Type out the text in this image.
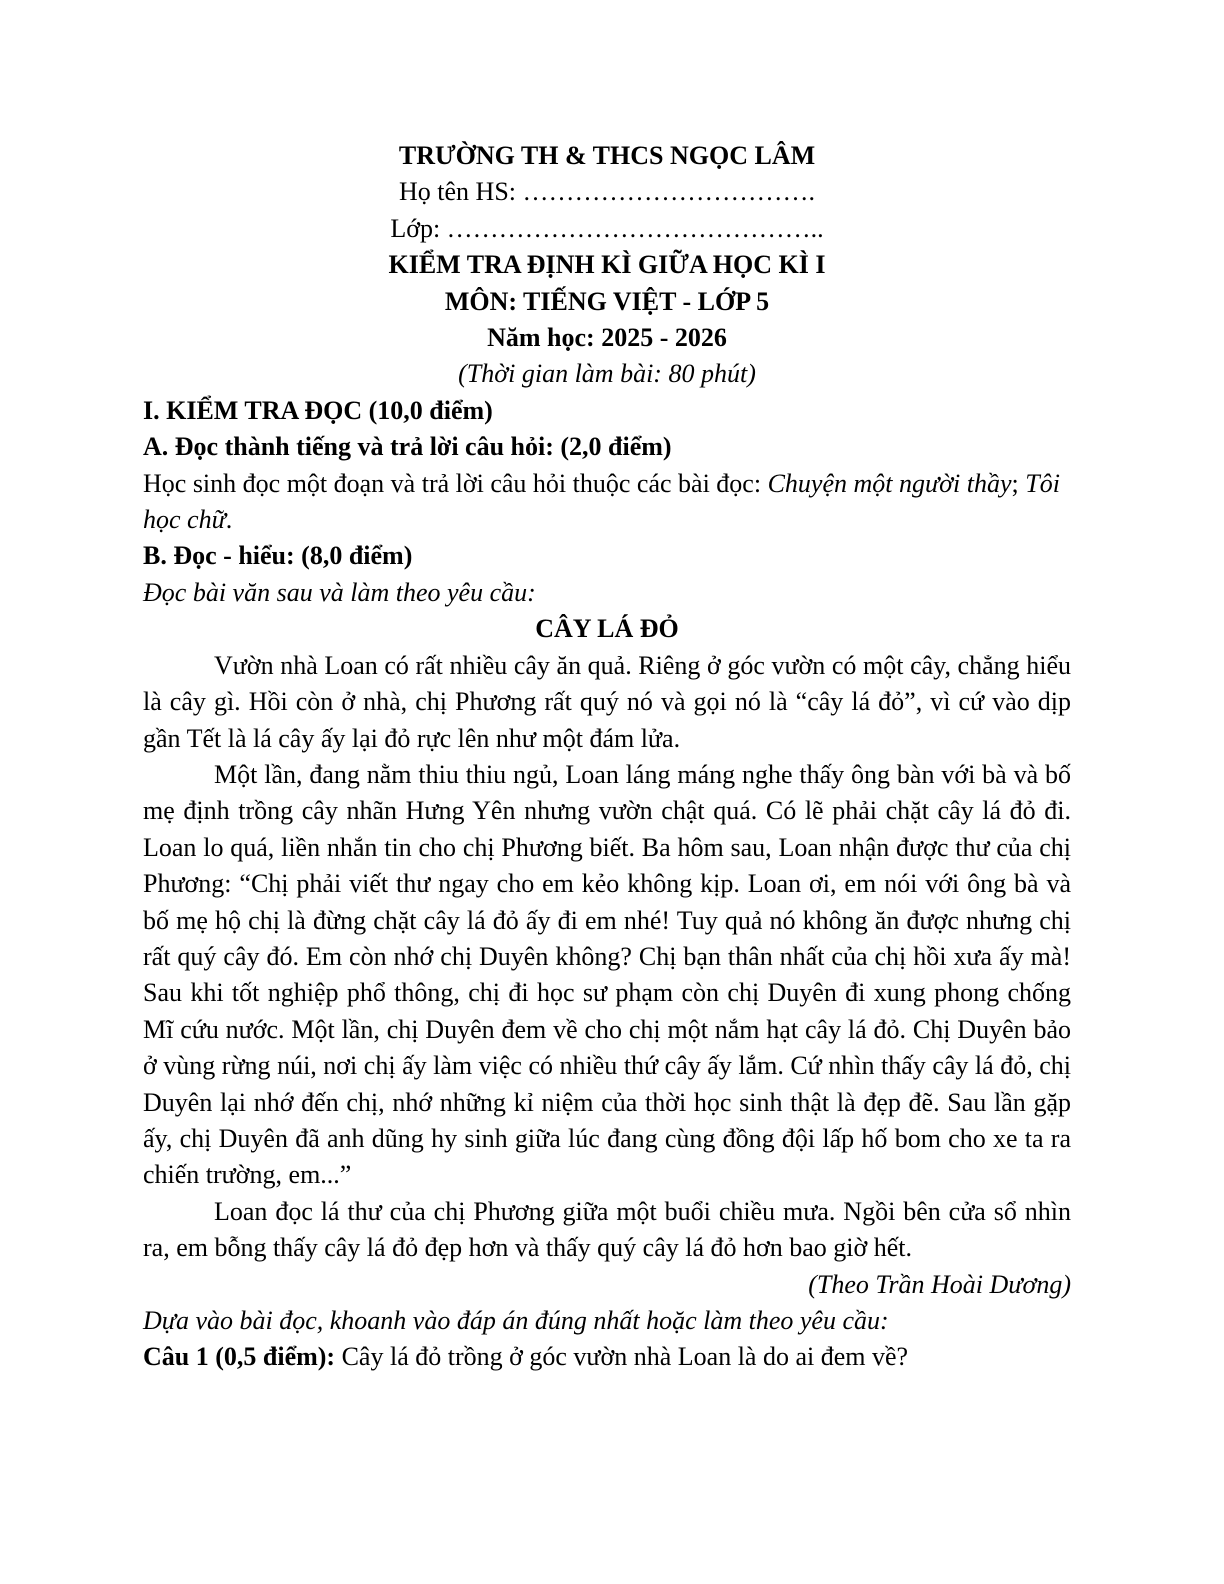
TRƯỜNG TH & THCS NGỌC LÂM

Họ tên HS: …………………………….

Lớp: ……………………………………..

KIỂM TRA ĐỊNH KÌ GIỮA HỌC KÌ I

MÔN: TIẾNG VIỆT - LỚP 5

Năm học: 2025 - 2026

(Thời gian làm bài: 80 phút)

I. KIỂM TRA ĐỌC (10,0 điểm)

A. Đọc thành tiếng và trả lời câu hỏi: (2,0 điểm)

Học sinh đọc một đoạn và trả lời câu hỏi thuộc các bài đọc: Chuyện một người thầy; Tôi học chữ.

B. Đọc - hiểu: (8,0 điểm)

Đọc bài văn sau và làm theo yêu cầu:

CÂY LÁ ĐỎ

Vườn nhà Loan có rất nhiều cây ăn quả. Riêng ở góc vườn có một cây, chẳng hiểu là cây gì. Hồi còn ở nhà, chị Phương rất quý nó và gọi nó là “cây lá đỏ”, vì cứ vào dịp gần Tết là lá cây ấy lại đỏ rực lên như một đám lửa.

Một lần, đang nằm thiu thiu ngủ, Loan láng máng nghe thấy ông bàn với bà và bố mẹ định trồng cây nhãn Hưng Yên nhưng vườn chật quá. Có lẽ phải chặt cây lá đỏ đi. Loan lo quá, liền nhắn tin cho chị Phương biết. Ba hôm sau, Loan nhận được thư của chị Phương: “Chị phải viết thư ngay cho em kẻo không kịp. Loan ơi, em nói với ông bà và bố mẹ hộ chị là đừng chặt cây lá đỏ ấy đi em nhé! Tuy quả nó không ăn được nhưng chị rất quý cây đó. Em còn nhớ chị Duyên không? Chị bạn thân nhất của chị hồi xưa ấy mà! Sau khi tốt nghiệp phổ thông, chị đi học sư phạm còn chị Duyên đi xung phong chống Mĩ cứu nước. Một lần, chị Duyên đem về cho chị một nắm hạt cây lá đỏ. Chị Duyên bảo ở vùng rừng núi, nơi chị ấy làm việc có nhiều thứ cây ấy lắm. Cứ nhìn thấy cây lá đỏ, chị Duyên lại nhớ đến chị, nhớ những kỉ niệm của thời học sinh thật là đẹp đẽ. Sau lần gặp ấy, chị Duyên đã anh dũng hy sinh giữa lúc đang cùng đồng đội lấp hố bom cho xe ta ra chiến trường, em...”

Loan đọc lá thư của chị Phương giữa một buổi chiều mưa. Ngồi bên cửa sổ nhìn ra, em bỗng thấy cây lá đỏ đẹp hơn và thấy quý cây lá đỏ hơn bao giờ hết.

(Theo Trần Hoài Dương)

Dựa vào bài đọc, khoanh vào đáp án đúng nhất hoặc làm theo yêu cầu:

Câu 1 (0,5 điểm): Cây lá đỏ trồng ở góc vườn nhà Loan là do ai đem về?
